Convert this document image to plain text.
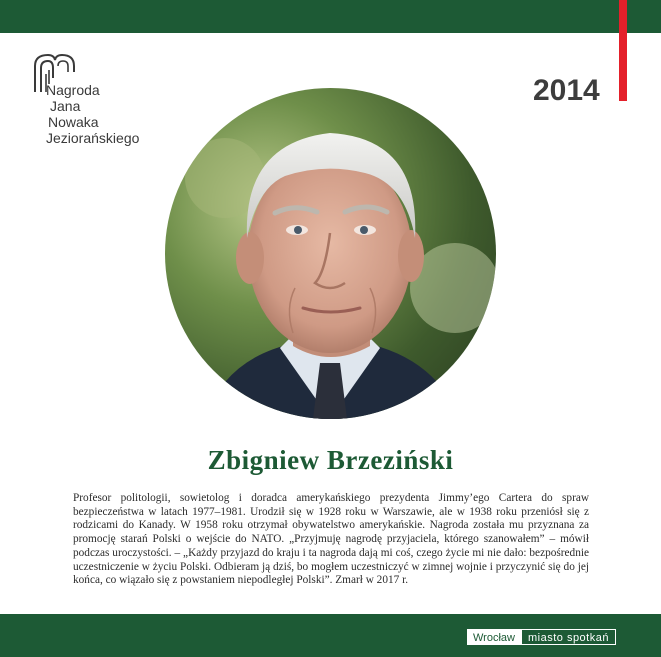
Nagroda
Jana
Nowaka
Jeziorańskiego
2014
Zbigniew Brzeziński

Profesor politologii, sowietolog i doradca amerykańskiego prezydenta Jimmy’ego Cartera do spraw bezpieczeństwa w latach 1977–1981. Urodził się w 1928 roku w Warszawie, ale w 1938 roku przeniósł się z rodzicami do Kanady. W 1958 roku otrzymał obywatelstwo amerykańskie. Nagroda została mu przyznana za promocję starań Polski o wejście do NATO. „Przyjmuję nagrodę przyjaciela, którego szanowałem” – mówił podczas uroczystości. – „Każdy przyjazd do kraju i ta nagroda dają mi coś, czego życie mi nie dało: bezpośrednie uczestniczenie w życiu Polski. Odbieram ją dziś, bo mogłem uczestniczyć w zimnej wojnie i przyczynić się do jej końca, co wiązało się z powstaniem niepodległej Polski”. Zmarł w 2017 r.

Wrocław	miasto spotkań
